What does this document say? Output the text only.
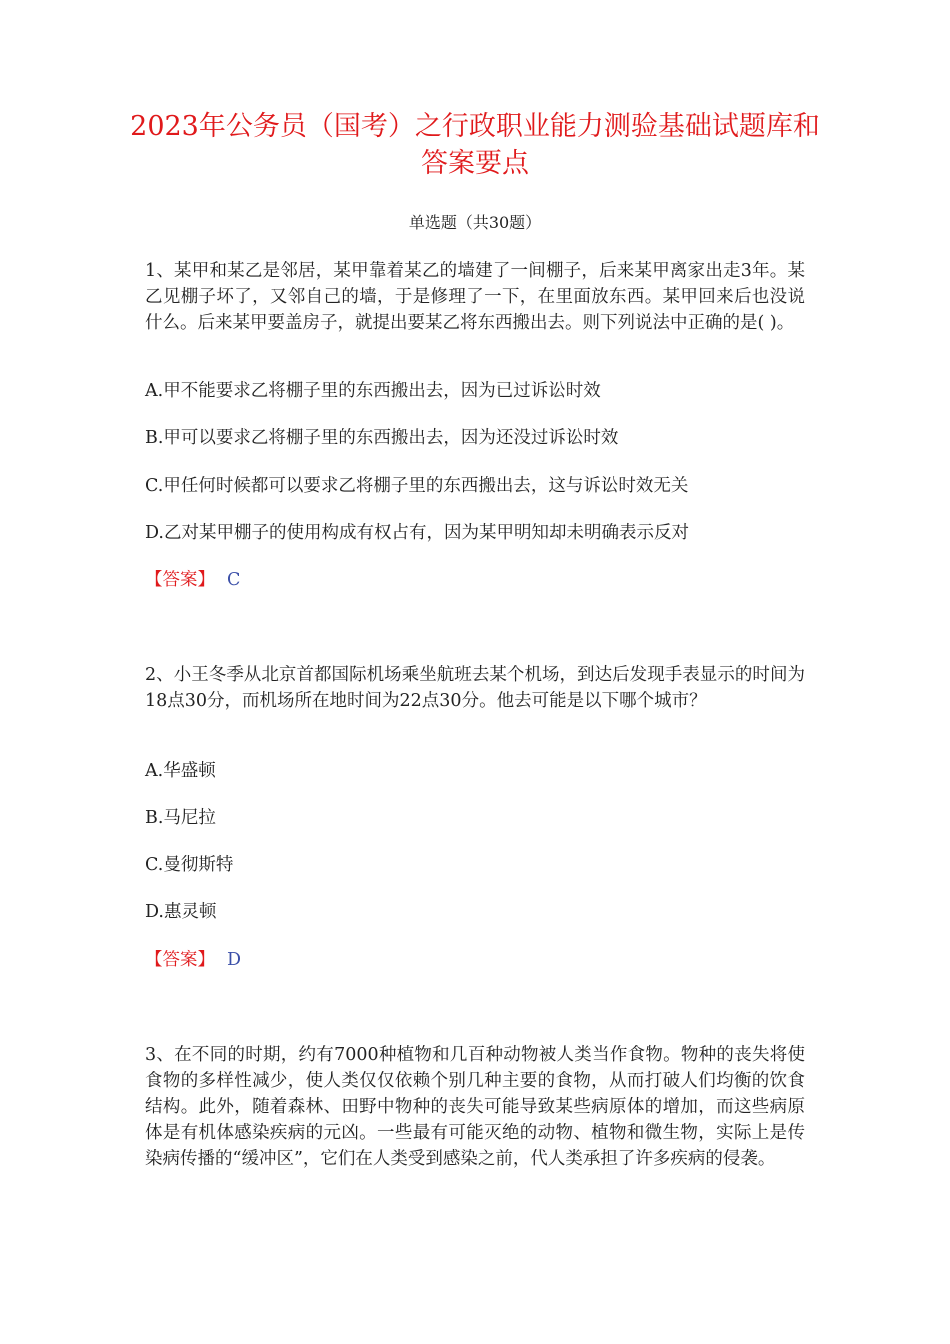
2023年公务员（国考）之行政职业能力测验基础试题库和答案要点
单选题（共30题）

1、某甲和某乙是邻居，某甲靠着某乙的墙建了一间棚子，后来某甲离家出走3年。某乙见棚子坏了，又邻自己的墙，于是修理了一下，在里面放东西。某甲回来后也没说什么。后来某甲要盖房子，就提出要某乙将东西搬出去。则下列说法中正确的是( )。

A.甲不能要求乙将棚子里的东西搬出去，因为已过诉讼时效
B.甲可以要求乙将棚子里的东西搬出去，因为还没过诉讼时效
C.甲任何时候都可以要求乙将棚子里的东西搬出去，这与诉讼时效无关
D.乙对某甲棚子的使用构成有权占有，因为某甲明知却未明确表示反对
【答案】 C

2、小王冬季从北京首都国际机场乘坐航班去某个机场，到达后发现手表显示的时间为18点30分，而机场所在地时间为22点30分。他去可能是以下哪个城市？

A.华盛顿
B.马尼拉
C.曼彻斯特
D.惠灵顿
【答案】 D

3、在不同的时期，约有7000种植物和几百种动物被人类当作食物。物种的丧失将使食物的多样性减少，使人类仅仅依赖个别几种主要的食物，从而打破人们均衡的饮食结构。此外，随着森林、田野中物种的丧失可能导致某些病原体的增加，而这些病原体是有机体感染疾病的元凶。一些最有可能灭绝的动物、植物和微生物，实际上是传染病传播的“缓冲区”，它们在人类受到感染之前，代人类承担了许多疾病的侵袭。
